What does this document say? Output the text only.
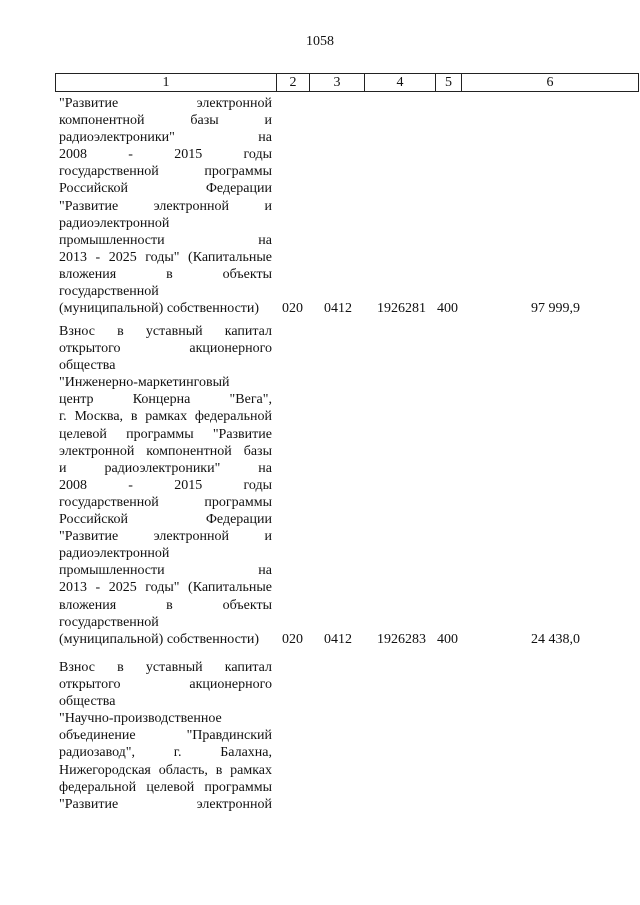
1058
1	2	3	4	5	6
"Развитие электронной
компонентной базы и
радиоэлектроники" на
2008 - 2015 годы
государственной программы
Российской Федерации
"Развитие электронной и
радиоэлектронной
промышленности на
2013 - 2025 годы" (Капитальные
вложения в объекты
государственной
(муниципальной) собственности)	020 0412 1926281 400	97 999,9
Взнос в уставный капитал
открытого акционерного
общества
"Инженерно-маркетинговый
центр Концерна "Вега",
г. Москва, в рамках федеральной
целевой программы "Развитие
электронной компонентной базы
и радиоэлектроники" на
2008 - 2015 годы
государственной программы
Российской Федерации
"Развитие электронной и
радиоэлектронной
промышленности на
2013 - 2025 годы" (Капитальные
вложения в объекты
государственной
(муниципальной) собственности)	020 0412 1926283 400	24 438,0
Взнос в уставный капитал
открытого акционерного
общества
"Научно-производственное
объединение "Правдинский
радиозавод", г. Балахна,
Нижегородская область, в рамках
федеральной целевой программы
"Развитие электронной
